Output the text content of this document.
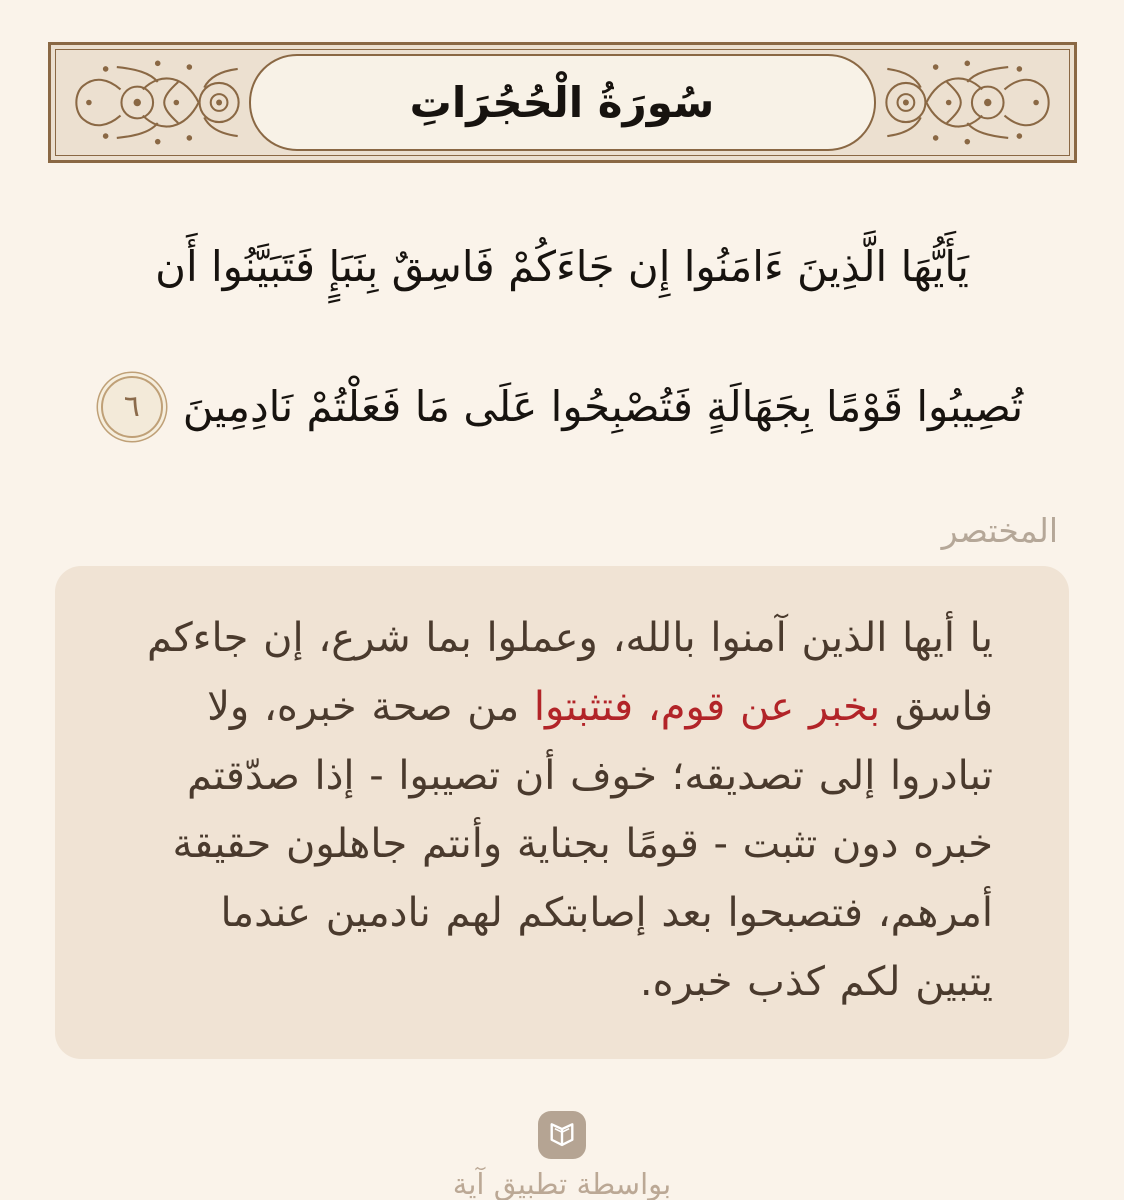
سُورَةُ الْحُجُرَاتِ
يَأَيُّهَا الَّذِينَ ءَامَنُوا إِن جَاءَكُمْ فَاسِقٌ بِنَبَإٍ فَتَبَيَّنُوا أَن
تُصِيبُوا قَوْمًا بِجَهَالَةٍ فَتُصْبِحُوا عَلَى مَا فَعَلْتُمْ نَادِمِينَ
٦
المختصر

يا أيها الذين آمنوا بالله، وعملوا بما شرع، إن جاءكم فاسق بخبر عن قوم، فتثبتوا من صحة خبره، ولا تبادروا إلى تصديقه؛ خوف أن تصيبوا - إذا صدّقتم خبره دون تثبت - قومًا بجناية وأنتم جاهلون حقيقة أمرهم، فتصبحوا بعد إصابتكم لهم نادمين عندما يتبين لكم كذب خبره.

بواسطة تطبيق آية
